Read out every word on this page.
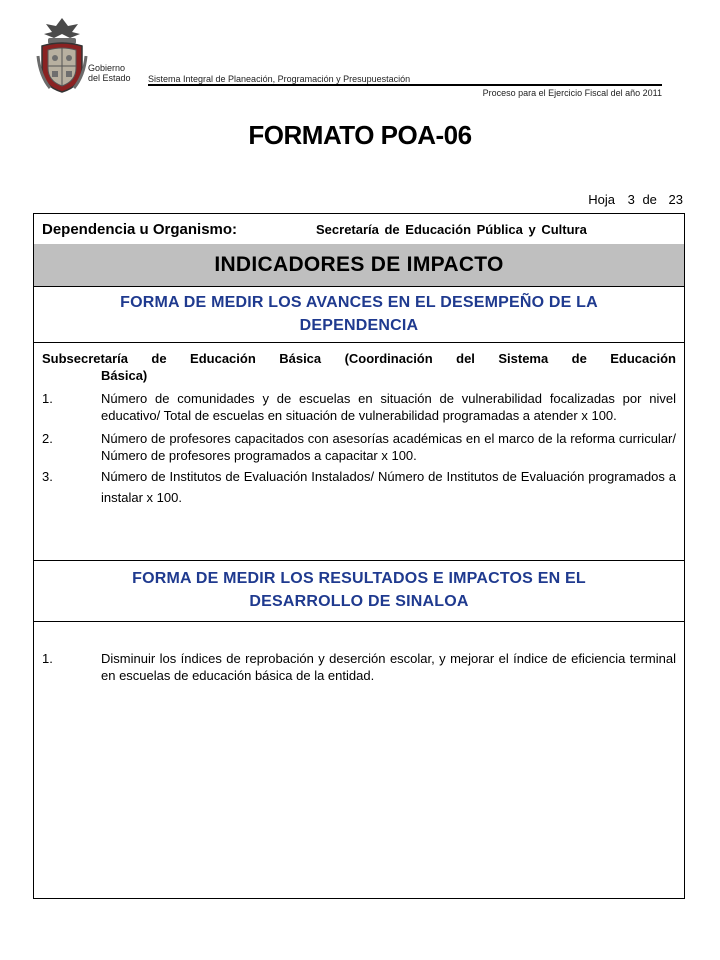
Gobierno
del Estado Sistema Integral de Planeación, Programación y Presupuestación
Proceso para el Ejercicio Fiscal del año 2011
FORMATO POA-06
Hoja 3 de 23
Dependencia u Organismo:	Secretaría de Educación Pública y Cultura
INDICADORES DE IMPACTO
FORMA DE MEDIR LOS AVANCES EN EL DESEMPEÑO DE LA
DEPENDENCIA
Subsecretaría de Educación Básica (Coordinación del Sistema de Educación
Básica)
1.	Número de comunidades y de escuelas en situación de vulnerabilidad focalizadas por nivel educativo/ Total de escuelas en situación de vulnerabilidad programadas a atender x 100.
2.	Número de profesores capacitados con asesorías académicas en el marco de la reforma curricular/ Número de profesores programados a capacitar x 100.
3.	Número de Institutos de Evaluación Instalados/ Número de Institutos de Evaluación programados a instalar x 100.
FORMA DE MEDIR LOS RESULTADOS E IMPACTOS EN EL
DESARROLLO DE SINALOA
1.	Disminuir los índices de reprobación y deserción escolar, y mejorar el índice de eficiencia terminal en escuelas de educación básica de la entidad.
